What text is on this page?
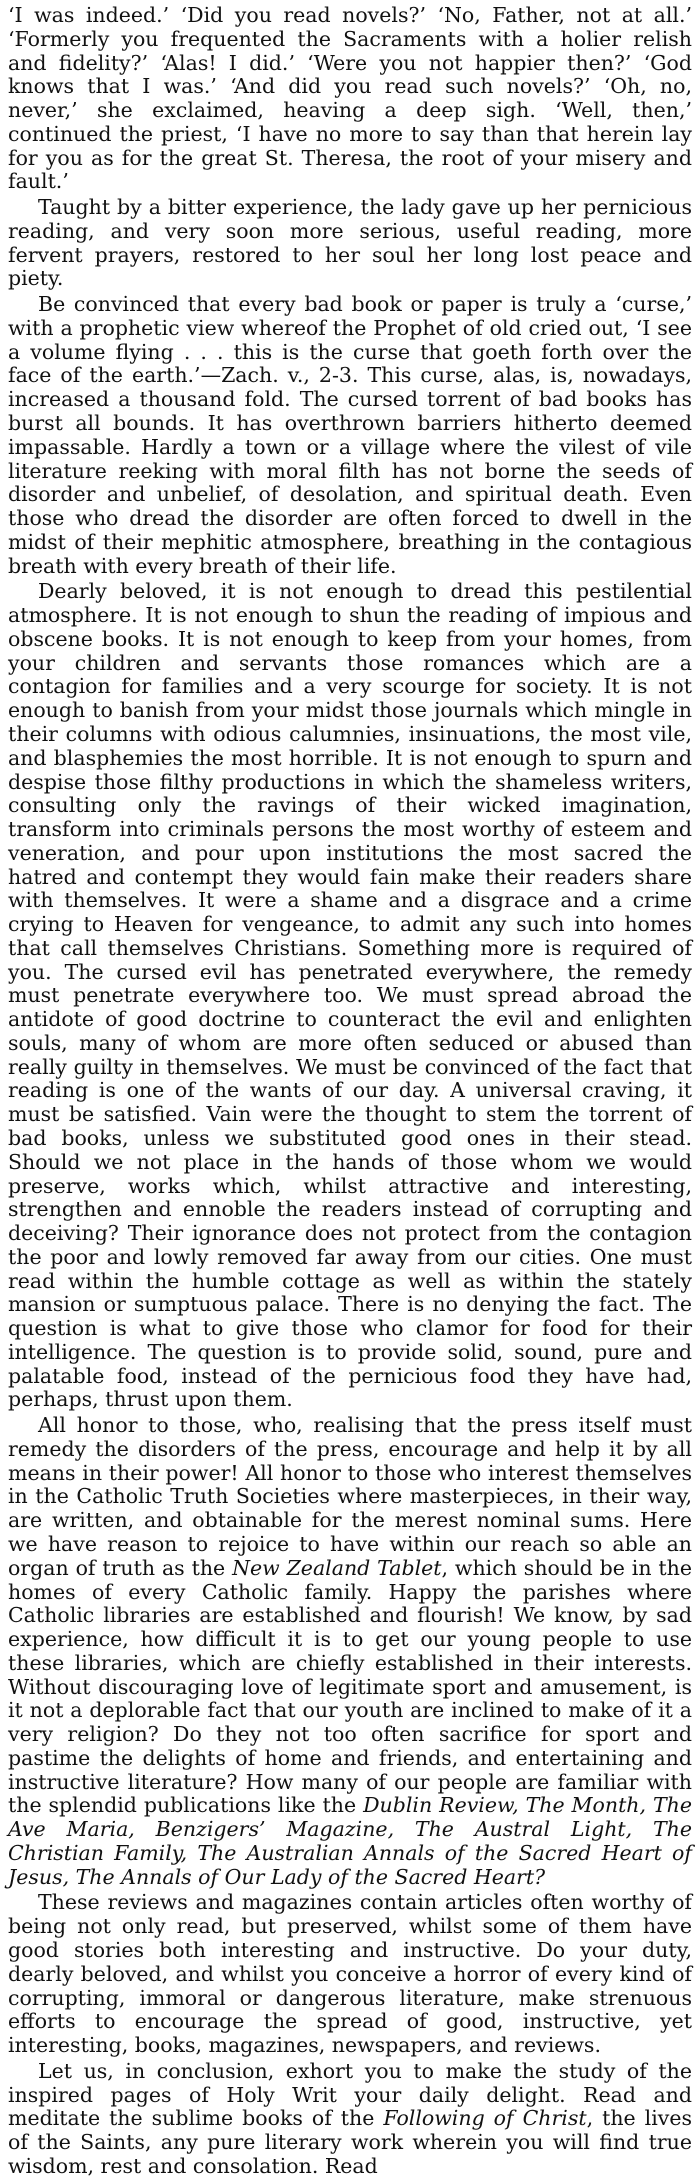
‘I was indeed.’ ‘Did you read novels?’ ‘No, Father, not at all.’ ‘Formerly you frequented the Sacraments with a holier relish and fidelity?’ ‘Alas! I did.’ ‘Were you not happier then?’ ‘God knows that I was.’ ‘And did you read such novels?’ ‘Oh, no, never,’ she exclaimed, heaving a deep sigh. ‘Well, then,’ continued the priest, ‘I have no more to say than that herein lay for you as for the great St. Theresa, the root of your misery and fault.’

Taught by a bitter experience, the lady gave up her pernicious reading, and very soon more serious, useful reading, more fervent prayers, restored to her soul her long lost peace and piety.

Be convinced that every bad book or paper is truly a ‘curse,’ with a prophetic view whereof the Prophet of old cried out, ‘I see a volume flying . . . this is the curse that goeth forth over the face of the earth.’—Zach. v., 2-3. This curse, alas, is, nowadays, increased a thousand fold. The cursed torrent of bad books has burst all bounds. It has overthrown barriers hitherto deemed impassable. Hardly a town or a village where the vilest of vile literature reeking with moral filth has not borne the seeds of disorder and unbelief, of desolation, and spiritual death. Even those who dread the disorder are often forced to dwell in the midst of their mephitic atmosphere, breathing in the contagious breath with every breath of their life.

Dearly beloved, it is not enough to dread this pestilential atmosphere. It is not enough to shun the reading of impious and obscene books. It is not enough to keep from your homes, from your children and servants those romances which are a contagion for families and a very scourge for society. It is not enough to banish from your midst those journals which mingle in their columns with odious calumnies, insinuations, the most vile, and blasphemies the most horrible. It is not enough to spurn and despise those filthy productions in which the shameless writers, consulting only the ravings of their wicked imagination, transform into criminals persons the most worthy of esteem and veneration, and pour upon institutions the most sacred the hatred and contempt they would fain make their readers share with themselves. It were a shame and a disgrace and a crime crying to Heaven for vengeance, to admit any such into homes that call themselves Christians. Something more is required of you. The cursed evil has penetrated everywhere, the remedy must penetrate everywhere too. We must spread abroad the antidote of good doctrine to counteract the evil and enlighten souls, many of whom are more often seduced or abused than really guilty in themselves. We must be convinced of the fact that reading is one of the wants of our day. A universal craving, it must be satisfied. Vain were the thought to stem the torrent of bad books, unless we substituted good ones in their stead. Should we not place in the hands of those whom we would preserve, works which, whilst attractive and interesting, strengthen and ennoble the readers instead of corrupting and deceiving? Their ignorance does not protect from the contagion the poor and lowly removed far away from our cities. One must read within the humble cottage as well as within the stately mansion or sumptuous palace. There is no denying the fact. The question is what to give those who clamor for food for their intelligence. The question is to provide solid, sound, pure and palatable food, instead of the pernicious food they have had, perhaps, thrust upon them.

All honor to those, who, realising that the press itself must remedy the disorders of the press, encourage and help it by all means in their power! All honor to those who interest themselves in the Catholic Truth Societies where masterpieces, in their way, are written, and obtainable for the merest nominal sums. Here we have reason to rejoice to have within our reach so able an organ of truth as the New Zealand Tablet, which should be in the homes of every Catholic family. Happy the parishes where Catholic libraries are established and flourish! We know, by sad experience, how difficult it is to get our young people to use these libraries, which are chiefly established in their interests. Without discouraging love of legitimate sport and amusement, is it not a deplorable fact that our youth are inclined to make of it a very religion? Do they not too often sacrifice for sport and pastime the delights of home and friends, and entertaining and instructive literature? How many of our people are familiar with the splendid publications like the Dublin Review, The Month, The Ave Maria, Benzigers’ Magazine, The Austral Light, The Christian Family, The Australian Annals of the Sacred Heart of Jesus, The Annals of Our Lady of the Sacred Heart?

These reviews and magazines contain articles often worthy of being not only read, but preserved, whilst some of them have good stories both interesting and instructive. Do your duty, dearly beloved, and whilst you conceive a horror of every kind of corrupting, immoral or dangerous literature, make strenuous efforts to encourage the spread of good, instructive, yet interesting, books, magazines, newspapers, and reviews.

Let us, in conclusion, exhort you to make the study of the inspired pages of Holy Writ your daily delight. Read and meditate the sublime books of the Following of Christ, the lives of the Saints, any pure literary work wherein you will find true wisdom, rest and consolation. Read
